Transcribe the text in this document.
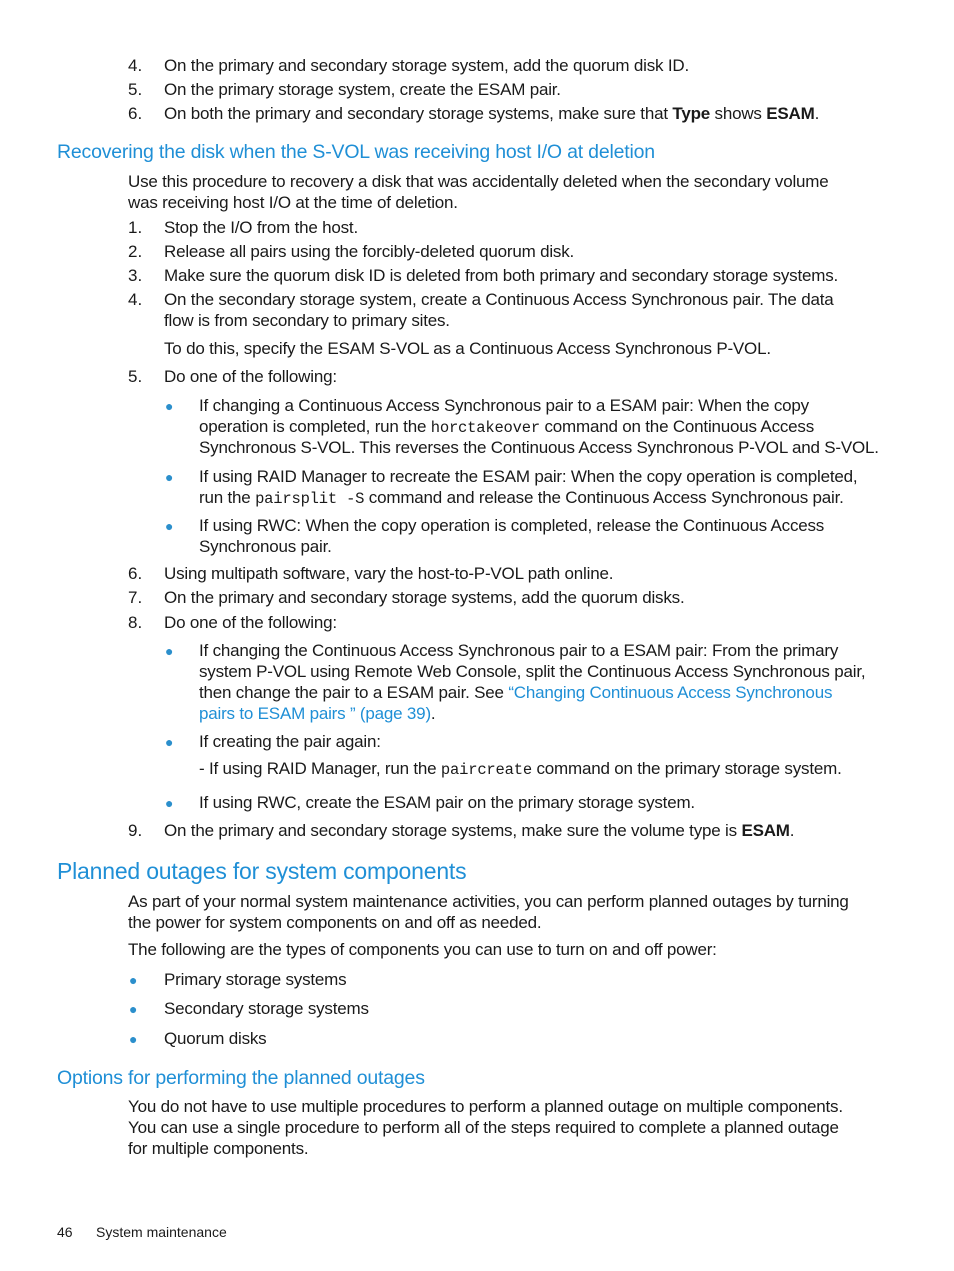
4. On the primary and secondary storage system, add the quorum disk ID.
5. On the primary storage system, create the ESAM pair.
6. On both the primary and secondary storage systems, make sure that Type shows ESAM.
Recovering the disk when the S-VOL was receiving host I/O at deletion
Use this procedure to recovery a disk that was accidentally deleted when the secondary volume
was receiving host I/O at the time of deletion.
1. Stop the I/O from the host.
2. Release all pairs using the forcibly-deleted quorum disk.
3. Make sure the quorum disk ID is deleted from both primary and secondary storage systems.
4. On the secondary storage system, create a Continuous Access Synchronous pair. The data
flow is from secondary to primary sites.
To do this, specify the ESAM S-VOL as a Continuous Access Synchronous P-VOL.
5. Do one of the following:
● If changing a Continuous Access Synchronous pair to a ESAM pair: When the copy
operation is completed, run the horctakeover command on the Continuous Access
Synchronous S-VOL. This reverses the Continuous Access Synchronous P-VOL and S-VOL.
● If using RAID Manager to recreate the ESAM pair: When the copy operation is completed,
run the pairsplit -S command and release the Continuous Access Synchronous pair.
● If using RWC: When the copy operation is completed, release the Continuous Access
Synchronous pair.
6. Using multipath software, vary the host-to-P-VOL path online.
7. On the primary and secondary storage systems, add the quorum disks.
8. Do one of the following:
● If changing the Continuous Access Synchronous pair to a ESAM pair: From the primary
system P-VOL using Remote Web Console, split the Continuous Access Synchronous pair,
then change the pair to a ESAM pair. See “Changing Continuous Access Synchronous
pairs to ESAM pairs ” (page 39).
● If creating the pair again:
- If using RAID Manager, run the paircreate command on the primary storage system.
● If using RWC, create the ESAM pair on the primary storage system.
9. On the primary and secondary storage systems, make sure the volume type is ESAM.
Planned outages for system components
As part of your normal system maintenance activities, you can perform planned outages by turning
the power for system components on and off as needed.
The following are the types of components you can use to turn on and off power:
● Primary storage systems
● Secondary storage systems
● Quorum disks
Options for performing the planned outages
You do not have to use multiple procedures to perform a planned outage on multiple components.
You can use a single procedure to perform all of the steps required to complete a planned outage
for multiple components.
46 System maintenance
